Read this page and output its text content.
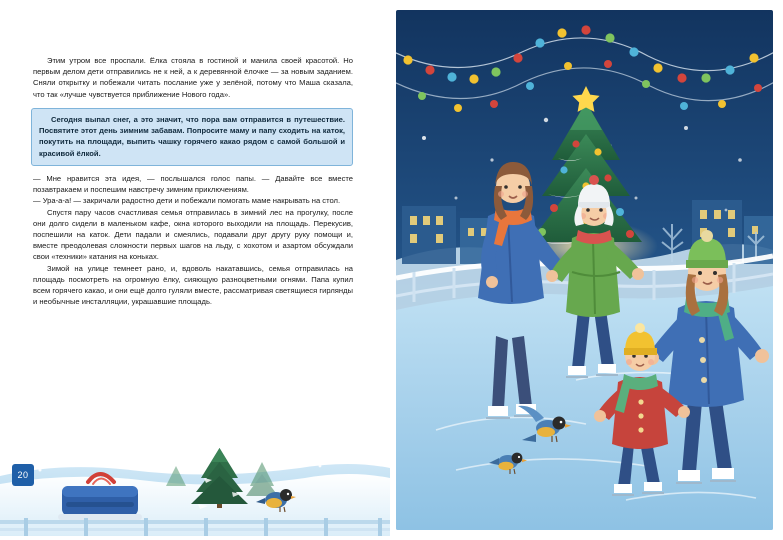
Этим утром все проспали. Ёлка стояла в гостиной и манила своей красотой. Но первым делом дети отправились не к ней, а к деревянной ёлочке — за новым заданием. Сняли открытку и побежали читать послание уже у зелёной, потому что Маша сказала, что так «лучше чувствуется приближение Нового года».

Сегодня выпал снег, а это значит, что пора вам отправится в путешествие. Посвятите этот день зимним забавам. Попросите маму и папу сходить на каток, покутить на площади, выпить чашку горячего какао рядом с самой большой и красивой ёлкой.

— Мне нравится эта идея, — послышался голос папы. — Давайте все вместе позавтракаем и поспешим навстречу зимним приключениям.

— Ура-а-а! — закричали радостно дети и побежали помогать маме накрывать на стол.

Спустя пару часов счастливая семья отправилась в зимний лес на прогулку, после они долго сидели в маленьком кафе, окна которого выходили на площадь. Перекусив, поспешили на каток. Дети падали и смеялись, подавали друг другу руку помощи и, вместе преодолевая сложности первых шагов на льду, с хохотом и азартом обсуждали свои «техники» катания на коньках.

Зимой на улице темнеет рано, и, вдоволь накатавшись, семья отправилась на площадь посмотреть на огромную ёлку, сияющую разноцветными огнями. Папа купил всем горячего какао, и они ещё долго гуляли вместе, рассматривая светящиеся гирлянды и необычные инсталляции, украшавшие площадь.

20
